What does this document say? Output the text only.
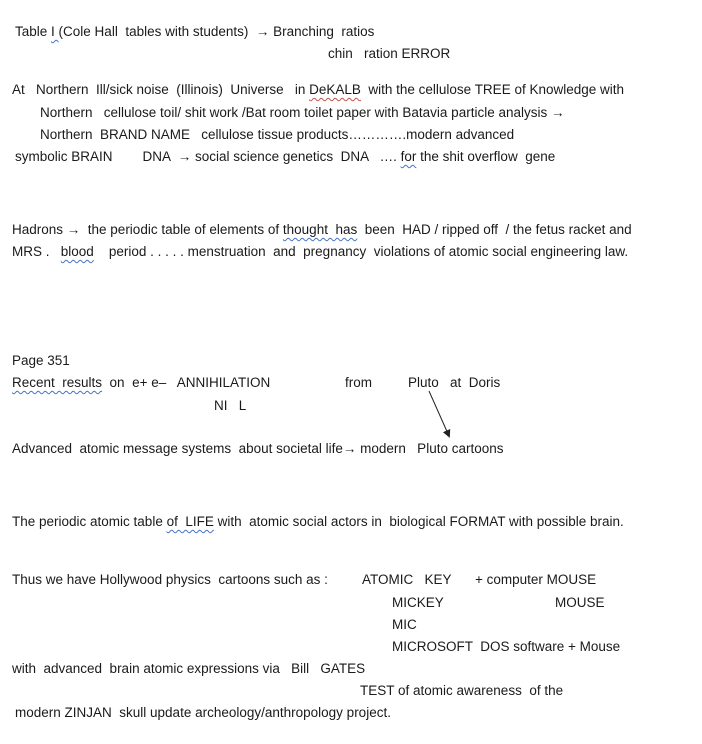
Table I (Cole Hall  tables with students)  → Branching  ratios
chin   ration ERROR
At   Northern  Ill/sick noise  (Illinois)  Universe   in DeKALB  with the cellulose TREE of Knowledge with
Northern   cellulose toil/ shit work /Bat room toilet paper with Batavia particle analysis →
Northern  BRAND NAME   cellulose tissue products………….modern advanced
symbolic BRAIN        DNA  → social science genetics  DNA   …. for the shit overflow  gene
Hadrons →  the periodic table of elements of thought  has  been  HAD / ripped off  / the fetus racket and
MRS .   blood    period . . . . . menstruation  and  pregnancy  violations of atomic social engineering law.
Page 351
Recent  results  on  e+ e–   ANNIHILATION	from	Pluto   at  Doris
NI   L
Advanced  atomic message systems  about societal life→ modern   Pluto cartoons
The periodic atomic table of  LIFE with  atomic social actors in  biological FORMAT with possible brain.
Thus we have Hollywood physics  cartoons such as :	ATOMIC   KEY + computer MOUSE
MICKEY	MOUSE
MIC
MICROSOFT  DOS software + Mouse
with  advanced  brain atomic expressions via   Bill   GATES
TEST of atomic awareness  of the
modern ZINJAN  skull update archeology/anthropology project.
